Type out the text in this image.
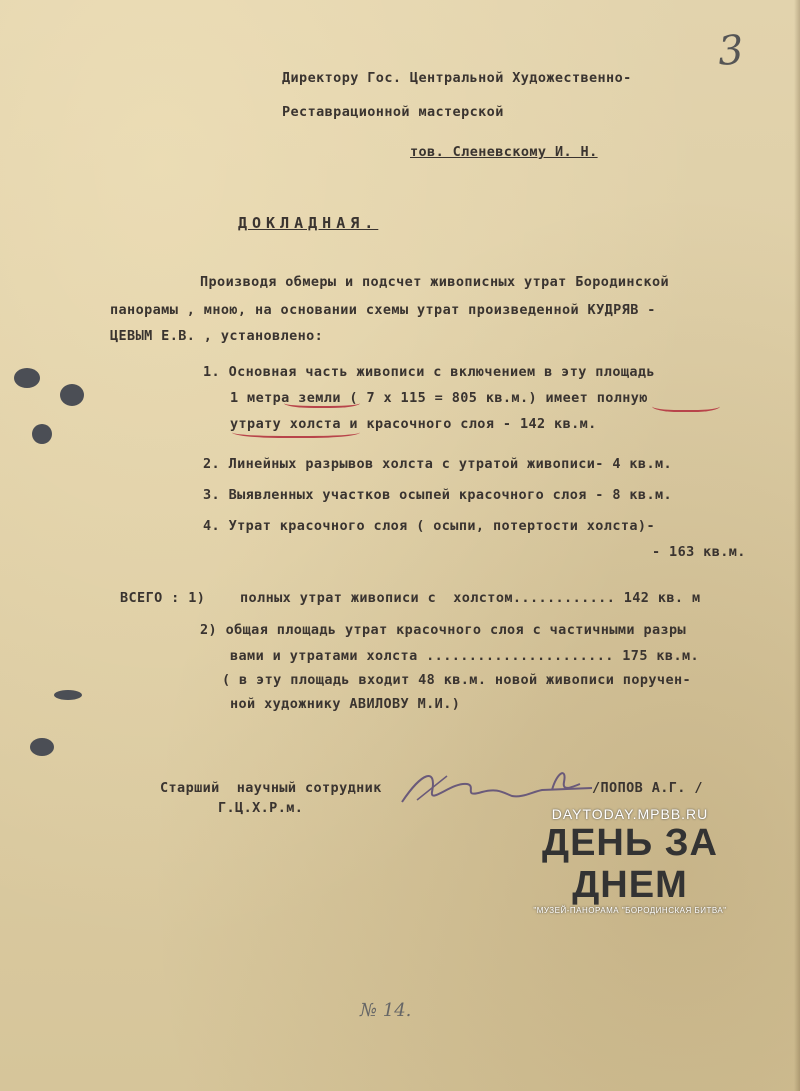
3
Директору Гос. Центральной Художественно-
Реставрационной мастерской
тов. Сленевскому И. Н.
ДОКЛАДНАЯ.
Производя обмеры и подсчет живописных утрат Бородинской
панорамы , мною, на основании схемы утрат произведенной КУДРЯВ -
ЦЕВЫМ Е.В. , установлено:
1. Основная часть живописи с включением в эту площадь
1 метра земли ( 7 х 115 = 805 кв.м.) имеет полную
утрату холста и красочного слоя - 142 кв.м.
2. Линейных разрывов холста с утратой живописи- 4 кв.м.
3. Выявленных участков осыпей красочного слоя - 8 кв.м.
4. Утрат красочного слоя ( осыпи, потертости холста)-
- 163 кв.м.
ВСЕГО : 1)	полных утрат живописи с  холстом............ 142 кв. м
2) общая площадь утрат красочного слоя с частичными разры
вами и утратами холста ...................... 175 кв.м.
( в эту площадь входит 48 кв.м. новой живописи поручен-
ной художнику АВИЛОВУ М.И.)
Старший  научный сотрудник
Г.Ц.Х.Р.м.
/ПОПОВ А.Г. /
DAYTODAY.MPBB.RU
ДЕНЬ ЗА ДНЕМ
"МУЗЕЙ-ПАНОРАМА "БОРОДИНСКАЯ БИТВА"
№ 14.
